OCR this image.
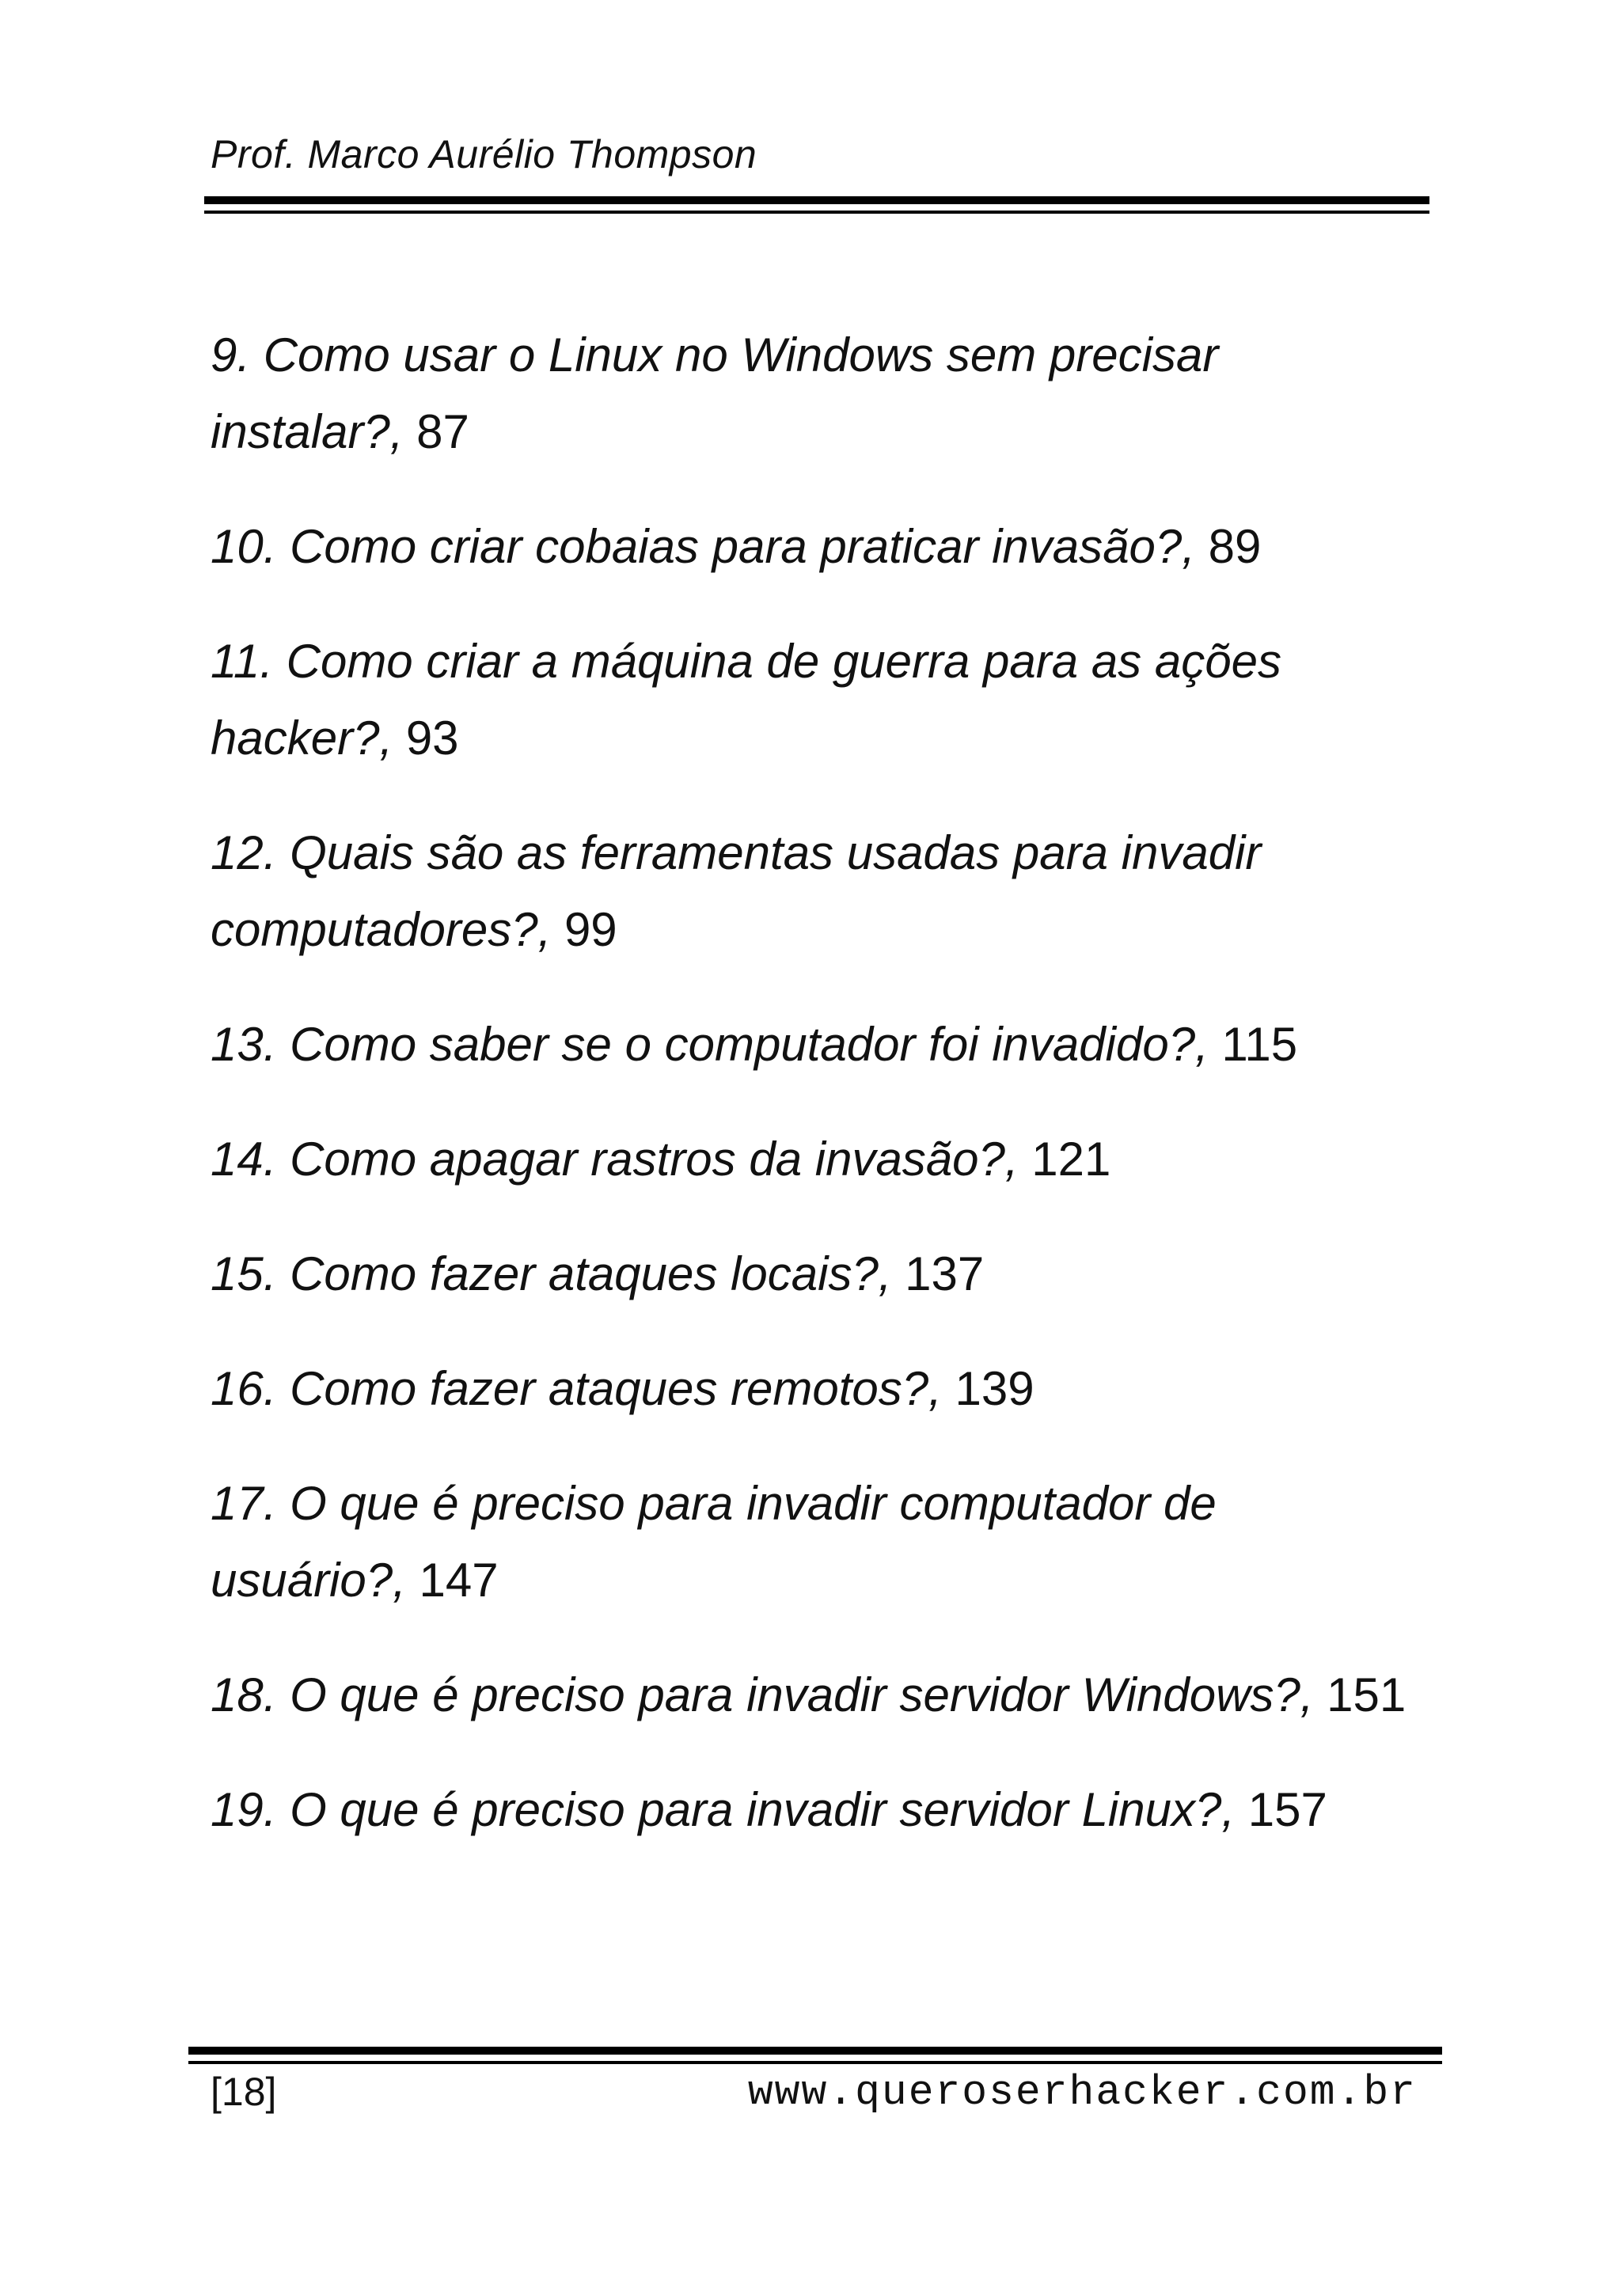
Prof. Marco Aurélio Thompson
9. Como usar o Linux no Windows sem precisar instalar?, 87
10. Como criar cobaias para praticar invasão?, 89
11. Como criar a máquina de guerra para as ações hacker?, 93
12. Quais são as ferramentas usadas para invadir computadores?, 99
13. Como saber se o computador foi invadido?, 115
14. Como apagar rastros da invasão?, 121
15. Como fazer ataques locais?, 137
16. Como fazer ataques remotos?, 139
17. O que é preciso para invadir computador de usuário?, 147
18. O que é preciso para invadir servidor Windows?, 151
19. O que é preciso para invadir servidor Linux?, 157
[18]	www.queroserhacker.com.br
